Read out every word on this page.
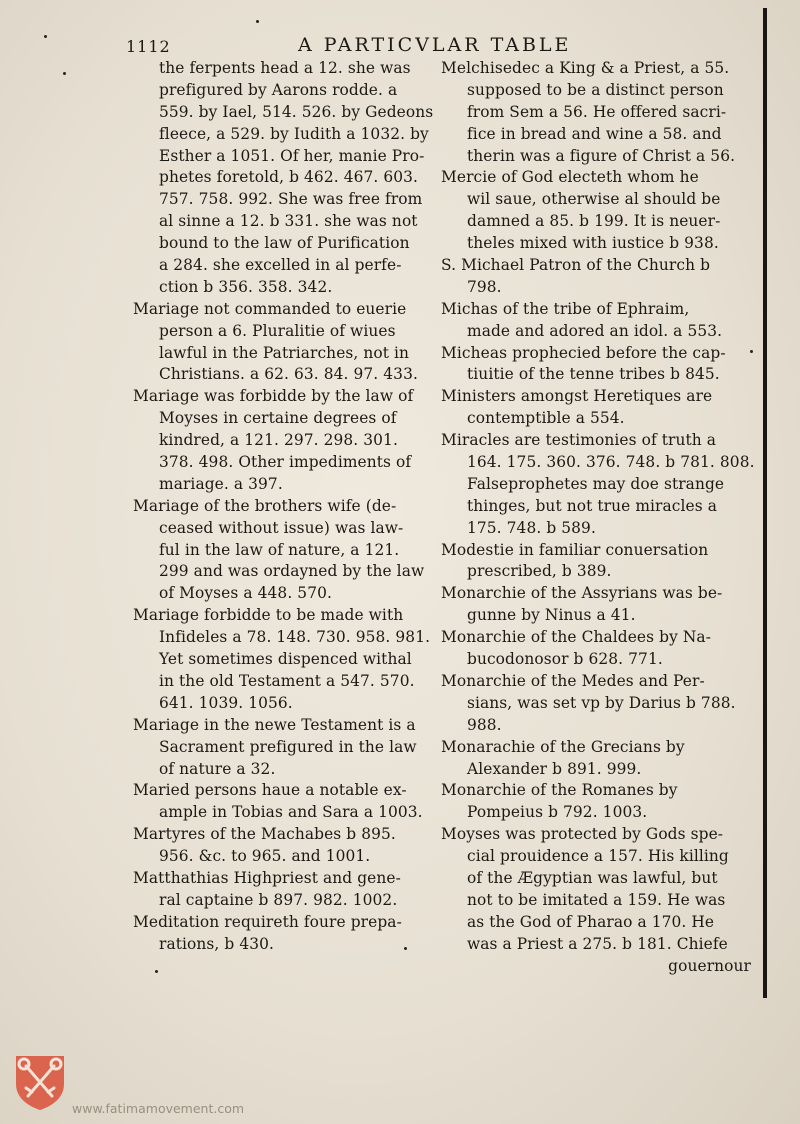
1112	A PARTICVLAR TABLE
the ferpents head a 12. she was
prefigured by Aarons rodde. a
559. by Iael, 514. 526. by Gedeons
fleece, a 529. by Iudith a 1032. by
Esther a 1051. Of her, manie Pro-
phetes foretold, b 462. 467. 603.
757. 758. 992. She was free from
al sinne a 12. b 331. she was not
bound to the law of Purification
a 284. she excelled in al perfe-
ction b 356. 358. 342.
Mariage not commanded to euerie
person a 6. Pluralitie of wiues
lawful in the Patriarches, not in
Christians. a 62. 63. 84. 97. 433.
Mariage was forbidde by the law of
Moyses in certaine degrees of
kindred, a 121. 297. 298. 301.
378. 498. Other impediments of
mariage. a 397.
Mariage of the brothers wife (de-
ceased without issue) was law-
ful in the law of nature, a 121.
299 and was ordayned by the law
of Moyses a 448. 570.
Mariage forbidde to be made with
Infideles a 78. 148. 730. 958. 981.
Yet sometimes dispenced withal
in the old Testament a 547. 570.
641. 1039. 1056.
Mariage in the newe Testament is a
Sacrament prefigured in the law
of nature a 32.
Maried persons haue a notable ex-
ample in Tobias and Sara a 1003.
Martyres of the Machabes b 895.
956. &c. to 965. and 1001.
Matthathias Highpriest and gene-
ral captaine b 897. 982. 1002.
Meditation requireth foure prepa-
rations, b 430.
Melchisedec a King & a Priest, a 55.
supposed to be a distinct person
from Sem a 56. He offered sacri-
fice in bread and wine a 58. and
therin was a figure of Christ a 56.
Mercie of God electeth whom he
wil saue, otherwise al should be
damned a 85. b 199. It is neuer-
theles mixed with iustice b 938.
S. Michael Patron of the Church b
798.
Michas of the tribe of Ephraim,
made and adored an idol. a 553.
Micheas prophecied before the cap-
tiuitie of the tenne tribes b 845.
Ministers amongst Heretiques are
contemptible a 554.
Miracles are testimonies of truth a
164. 175. 360. 376. 748. b 781. 808.
Falseprophetes may doe strange
thinges, but not true miracles a
175. 748. b 589.
Modestie in familiar conuersation
prescribed, b 389.
Monarchie of the Assyrians was be-
gunne by Ninus a 41.
Monarchie of the Chaldees by Na-
bucodonosor b 628. 771.
Monarchie of the Medes and Per-
sians, was set vp by Darius b 788.
988.
Monarachie of the Grecians by
Alexander b 891. 999.
Monarchie of the Romanes by
Pompeius b 792. 1003.
Moyses was protected by Gods spe-
cial prouidence a 157. His killing
of the Ægyptian was lawful, but
not to be imitated a 159. He was
as the God of Pharao a 170. He
was a Priest a 275. b 181. Chiefe
gouernour
www.fatimamovement.com
